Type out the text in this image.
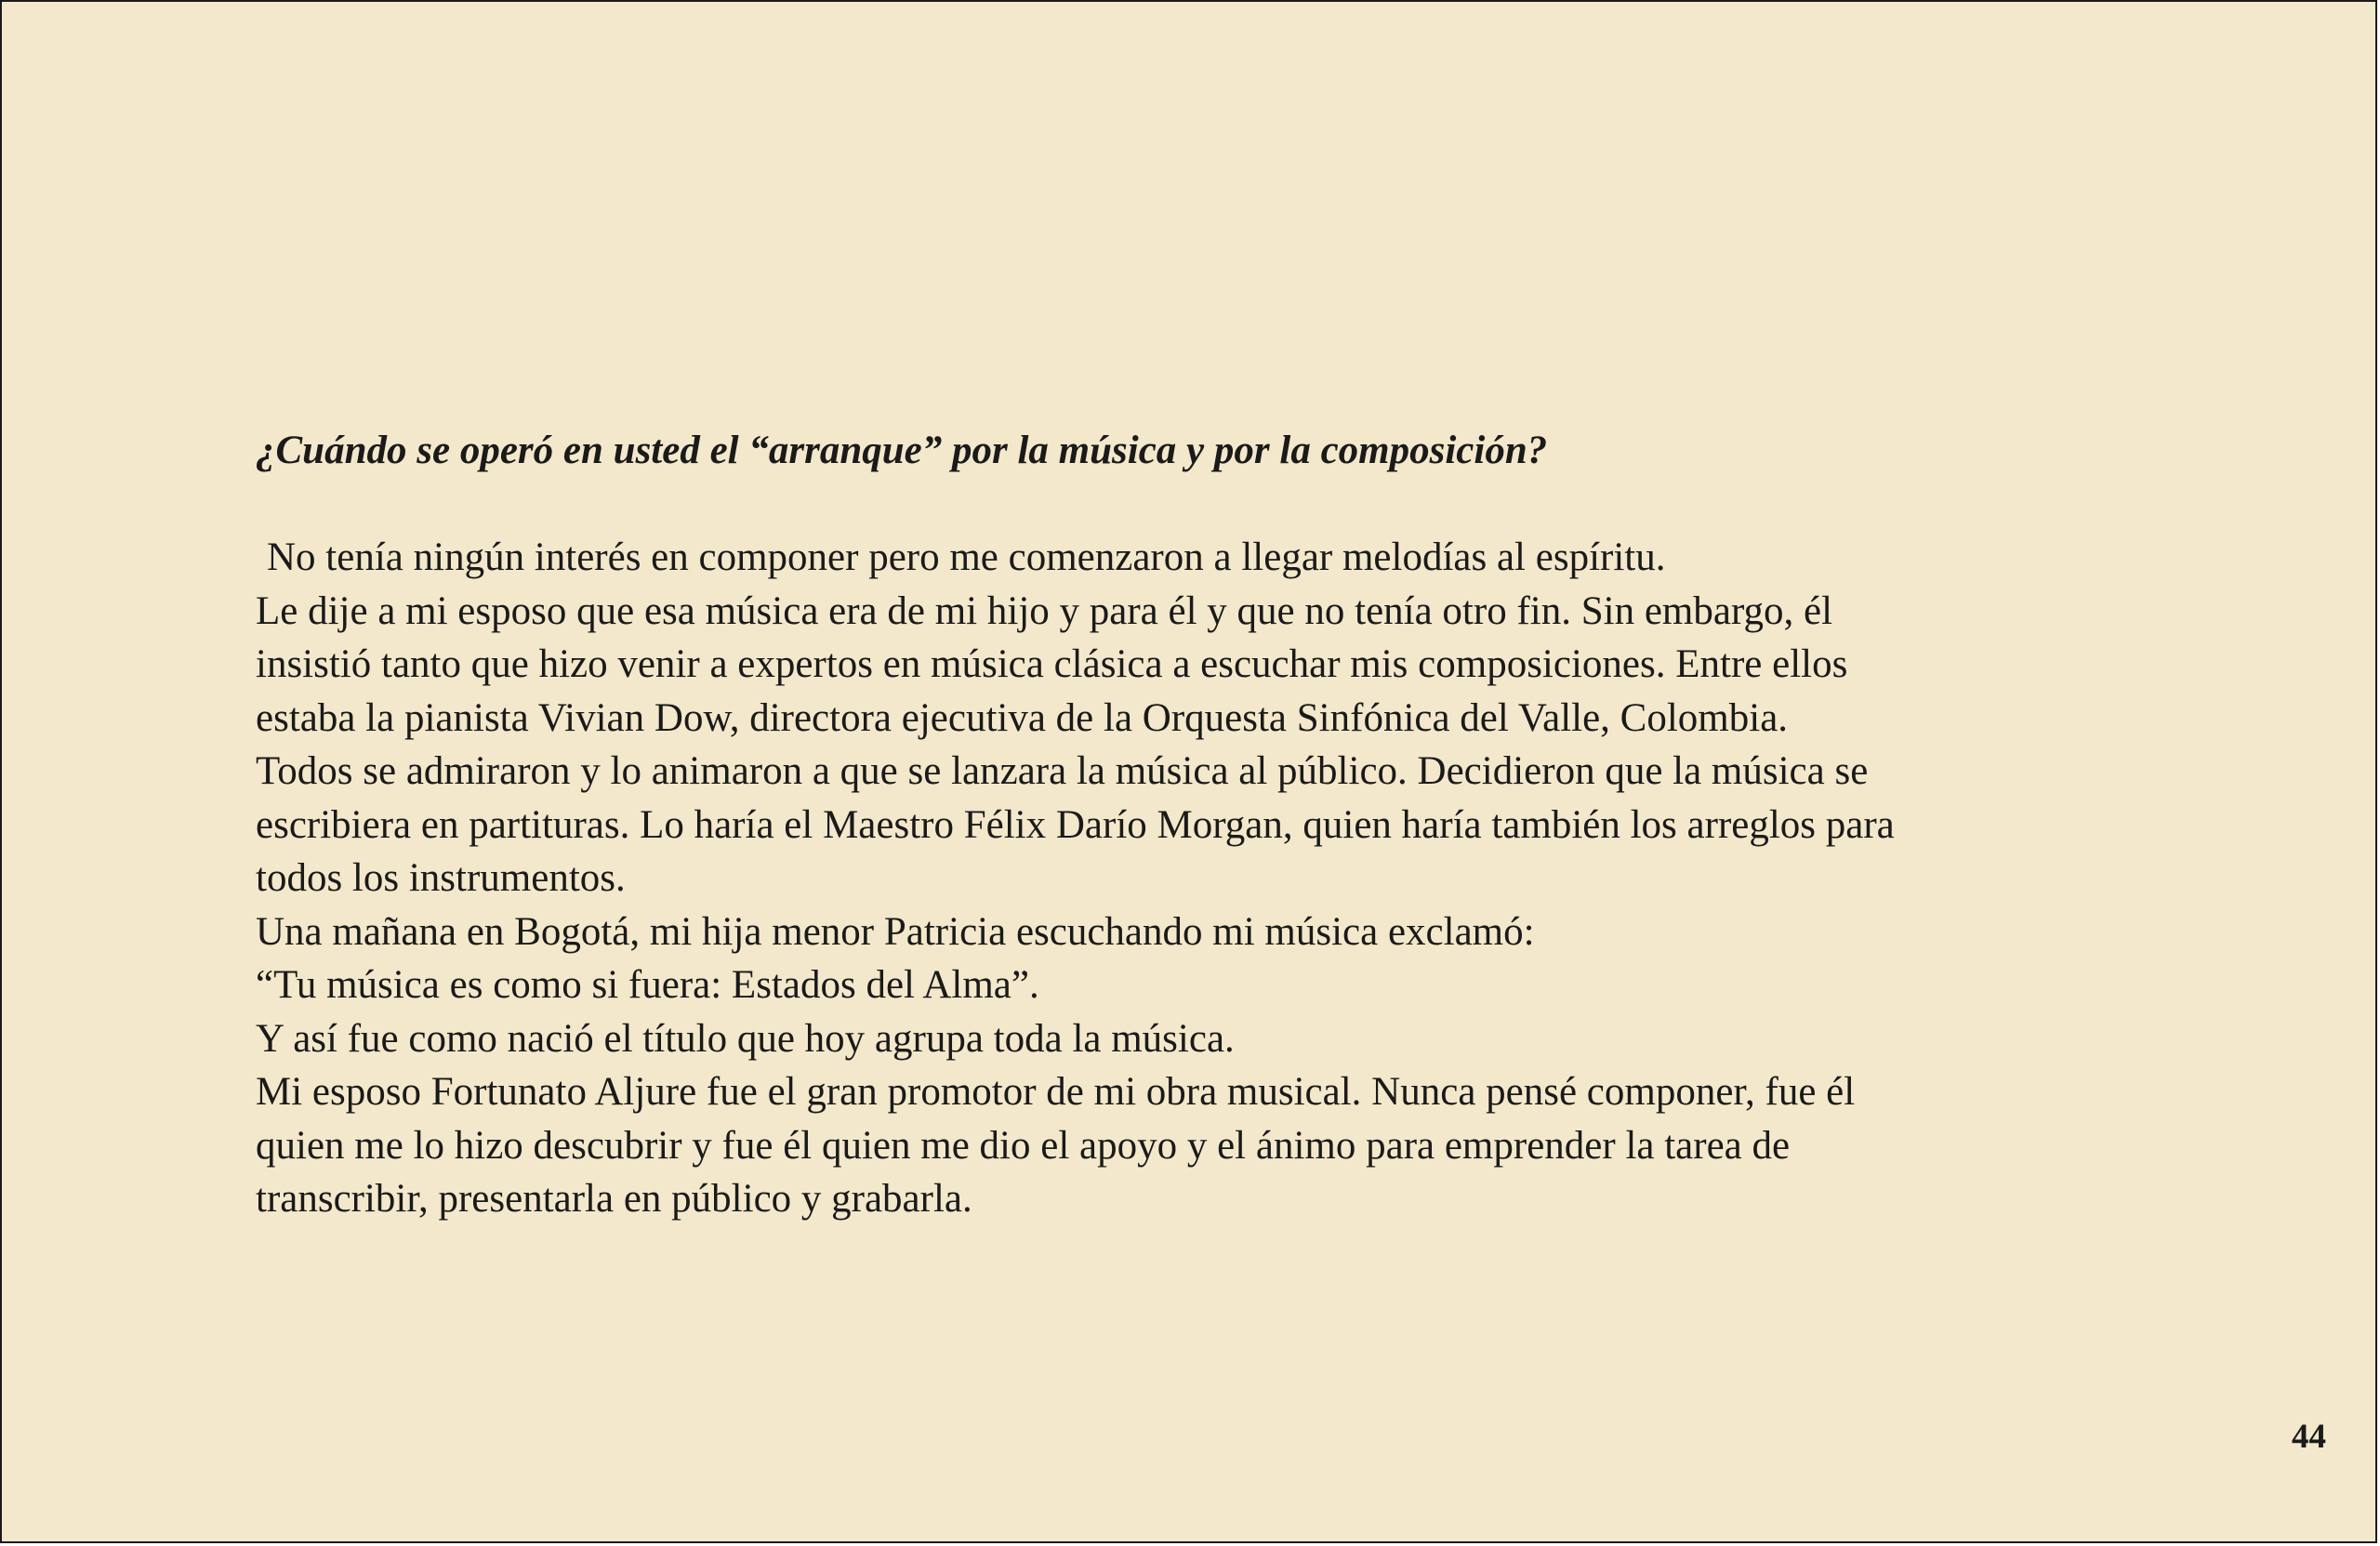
¿Cuándo se operó en usted el “arranque” por la música y por la composición?

No tenía ningún interés en componer pero me comenzaron a llegar melodías al espíritu.

Le dije a mi esposo que esa música era de mi hijo y para él y que no tenía otro fin. Sin embargo, él

insistió tanto que hizo venir a expertos en música clásica a escuchar mis composiciones. Entre ellos

estaba la pianista Vivian Dow, directora ejecutiva de la Orquesta Sinfónica del Valle, Colombia.

Todos se admiraron y lo animaron a que se lanzara la música al público. Decidieron que la música se

escribiera en partituras. Lo haría el Maestro Félix Darío Morgan, quien haría también los arreglos para

todos los instrumentos.

Una mañana en Bogotá, mi hija menor Patricia escuchando mi música exclamó:

“Tu música es como si fuera: Estados del Alma”.

Y así fue como nació el título que hoy agrupa toda la música.

Mi esposo Fortunato Aljure fue el gran promotor de mi obra musical. Nunca pensé componer, fue él

quien me lo hizo descubrir y fue él quien me dio el apoyo y el ánimo para emprender la tarea de

transcribir, presentarla en público y grabarla.

44
